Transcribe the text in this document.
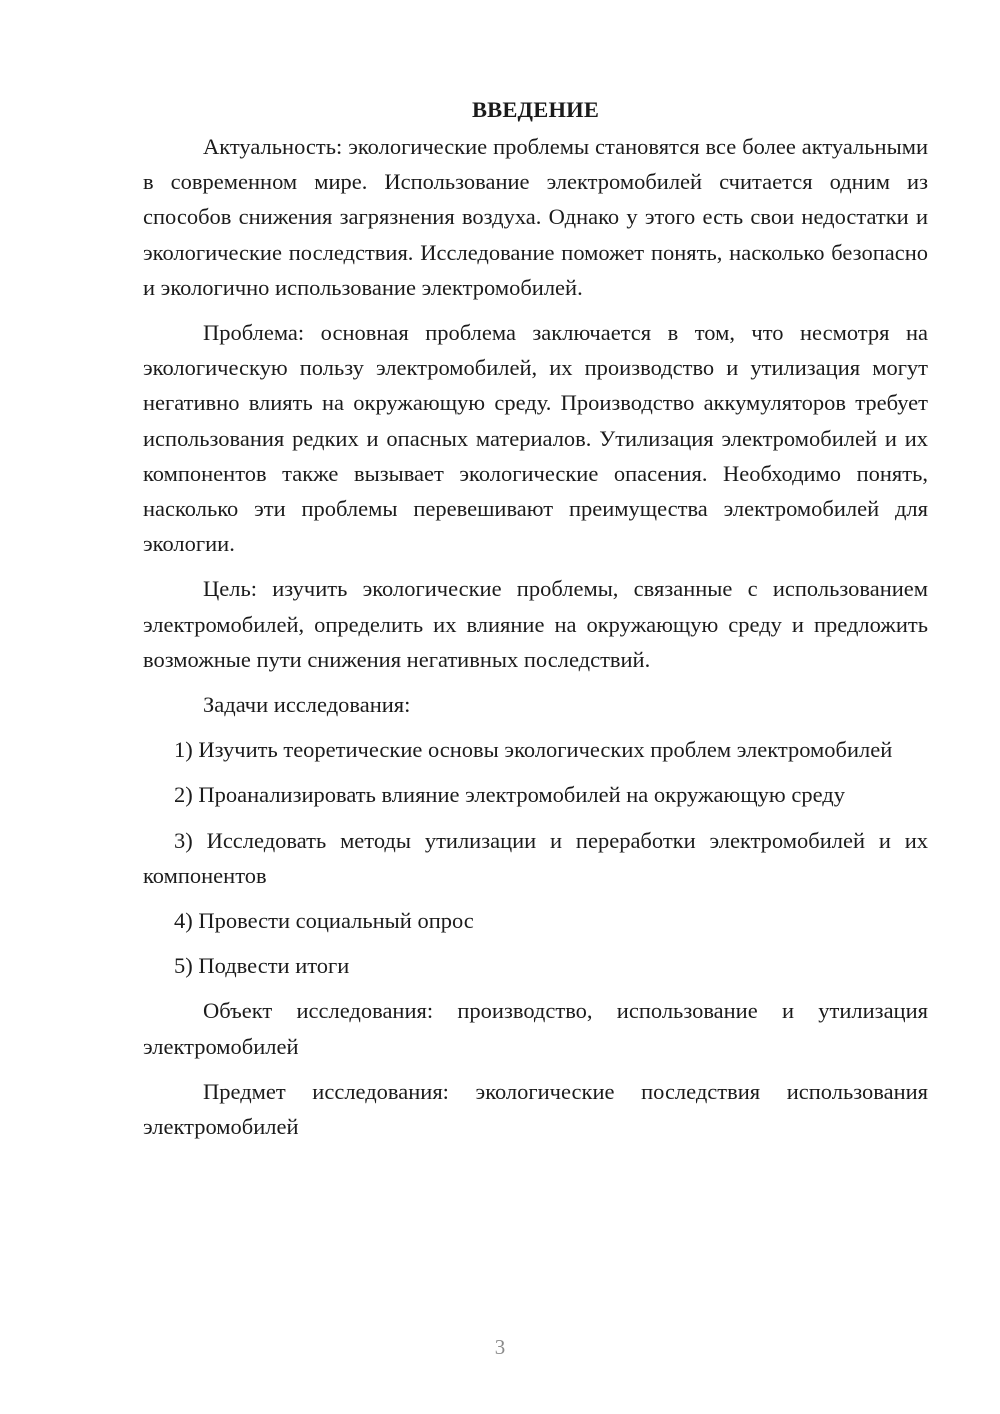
ВВЕДЕНИЕ

Актуальность: экологические проблемы становятся все более актуальными в современном мире. Использование электромобилей считается одним из способов снижения загрязнения воздуха. Однако у этого есть свои недостатки и экологические последствия. Исследование поможет понять, насколько безопасно и экологично использование электромобилей.

Проблема: основная проблема заключается в том, что несмотря на экологическую пользу электромобилей, их производство и утилизация могут негативно влиять на окружающую среду. Производство аккумуляторов требует использования редких и опасных материалов. Утилизация электромобилей и их компонентов также вызывает экологические опасения. Необходимо понять, насколько эти проблемы перевешивают преимущества электромобилей для экологии.

Цель: изучить экологические проблемы, связанные с использованием электромобилей, определить их влияние на окружающую среду и предложить возможные пути снижения негативных последствий.

Задачи исследования:

1) Изучить теоретические основы экологических проблем электромобилей

2) Проанализировать влияние электромобилей на окружающую среду

3) Исследовать методы утилизации и переработки электромобилей и их компонентов

4) Провести социальный опрос

5) Подвести итоги

Объект исследования: производство, использование и утилизация электромобилей

Предмет исследования: экологические последствия использования электромобилей

3
